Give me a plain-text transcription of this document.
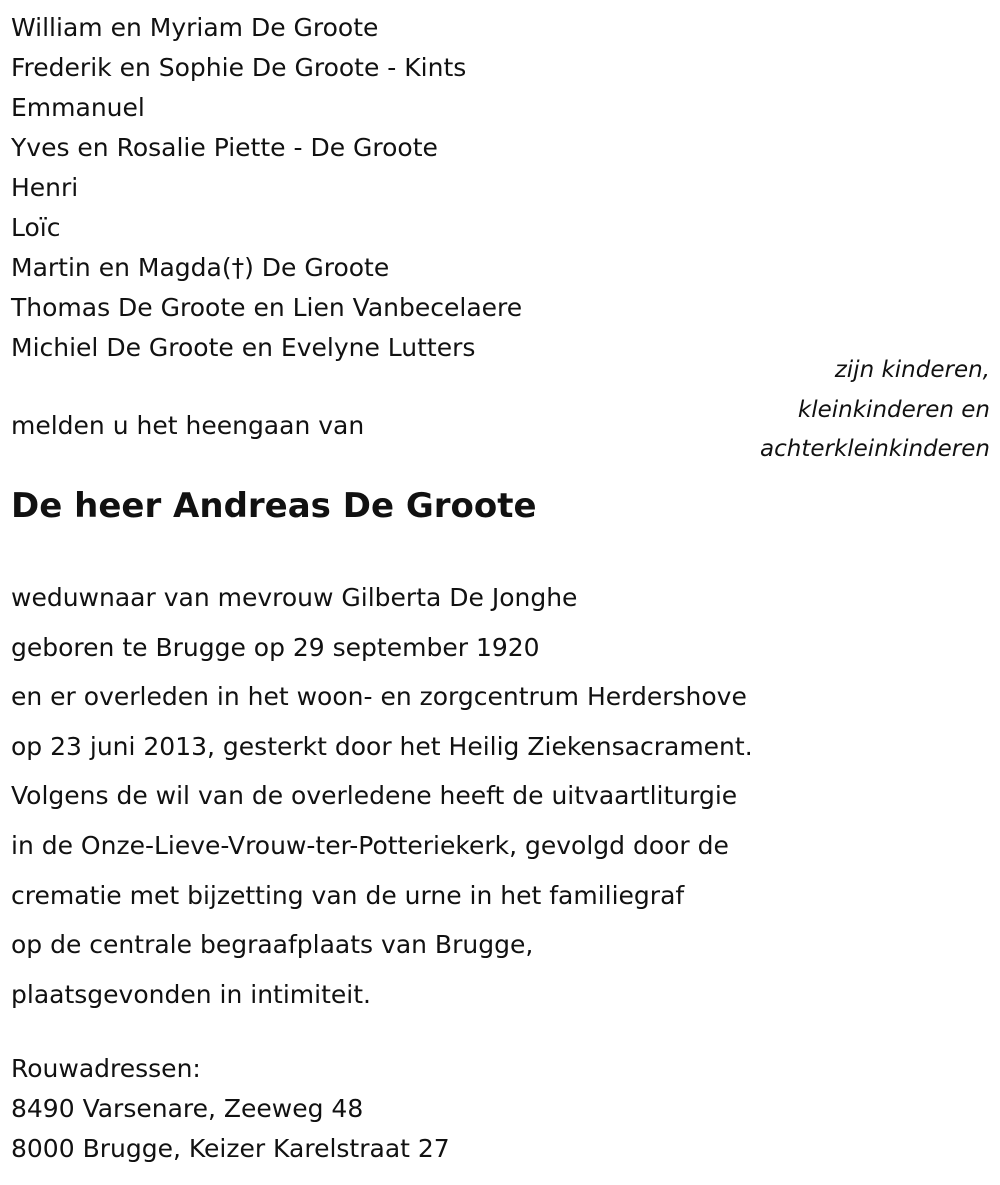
William en Myriam De Groote
Frederik en Sophie De Groote - Kints
Emmanuel
Yves en Rosalie Piette - De Groote
Henri
Loïc
Martin en Magda(†) De Groote
Thomas De Groote en Lien Vanbecelaere
Michiel De Groote en Evelyne Lutters
zijn kinderen,
kleinkinderen en
achterkleinkinderen
melden u het heengaan van
De heer Andreas De Groote
weduwnaar van mevrouw Gilberta De Jonghe
geboren te Brugge op 29 september 1920
en er overleden in het woon- en zorgcentrum Herdershove
op 23 juni 2013, gesterkt door het Heilig Ziekensacrament.
Volgens de wil van de overledene heeft de uitvaartliturgie
in de Onze-Lieve-Vrouw-ter-Potteriekerk, gevolgd door de
crematie met bijzetting van de urne in het familiegraf
op de centrale begraafplaats van Brugge,
plaatsgevonden in intimiteit.
Rouwadressen:
8490 Varsenare, Zeeweg 48
8000 Brugge, Keizer Karelstraat 27
